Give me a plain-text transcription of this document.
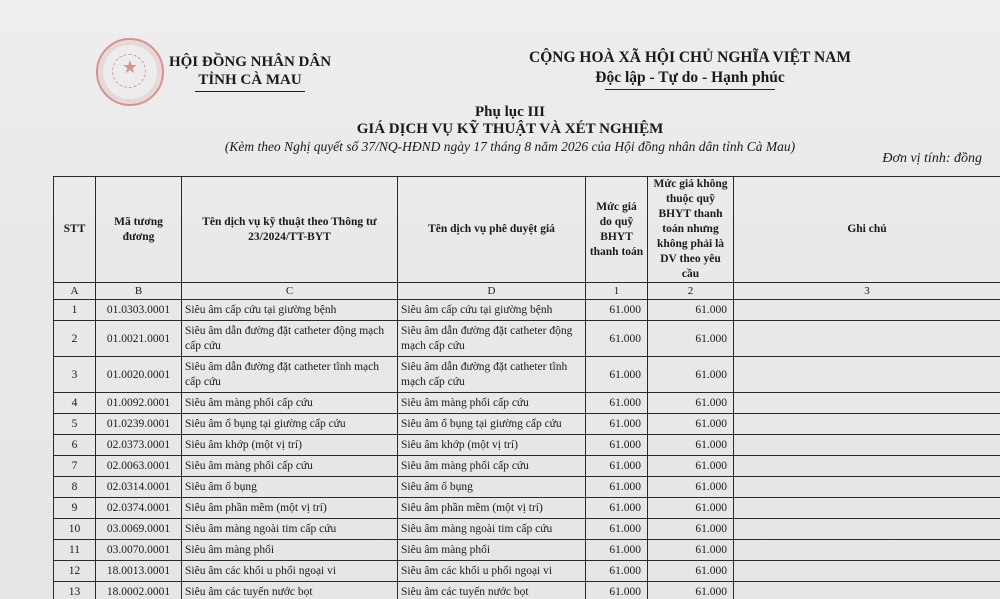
★	HỘI ĐỒNG NHÂN DÂN
TỈNH CÀ MAU
CỘNG HOÀ XÃ HỘI CHỦ NGHĨA VIỆT NAM
Độc lập - Tự do - Hạnh phúc
Phụ lục III
GIÁ DỊCH VỤ KỸ THUẬT VÀ XÉT NGHIỆM
(Kèm theo Nghị quyết số 37/NQ-HĐND ngày 17 tháng 8 năm 2026 của Hội đồng nhân dân tỉnh Cà Mau)
Đơn vị tính: đồng
STT	Mã tương đương	Tên dịch vụ kỹ thuật theo Thông tư 23/2024/TT-BYT	Tên dịch vụ phê duyệt giá	Mức giá do quỹ BHYT thanh toán	Mức giá không thuộc quỹ BHYT thanh toán nhưng không phải là DV theo yêu cầu	Ghi chú
A	B	C	D	1	2	3
1	01.0303.0001	Siêu âm cấp cứu tại giường bệnh	Siêu âm cấp cứu tại giường bệnh	61.000	61.000	
2	01.0021.0001	Siêu âm dẫn đường đặt catheter động mạch cấp cứu	Siêu âm dẫn đường đặt catheter động mạch cấp cứu	61.000	61.000	
3	01.0020.0001	Siêu âm dẫn đường đặt catheter tĩnh mạch cấp cứu	Siêu âm dẫn đường đặt catheter tĩnh mạch cấp cứu	61.000	61.000	
4	01.0092.0001	Siêu âm màng phổi cấp cứu	Siêu âm màng phổi cấp cứu	61.000	61.000	
5	01.0239.0001	Siêu âm ổ bụng tại giường cấp cứu	Siêu âm ổ bụng tại giường cấp cứu	61.000	61.000	
6	02.0373.0001	Siêu âm khớp (một vị trí)	Siêu âm khớp (một vị trí)	61.000	61.000	
7	02.0063.0001	Siêu âm màng phổi cấp cứu	Siêu âm màng phổi cấp cứu	61.000	61.000	
8	02.0314.0001	Siêu âm ổ bụng	Siêu âm ổ bụng	61.000	61.000	
9	02.0374.0001	Siêu âm phần mềm (một vị trí)	Siêu âm phần mềm (một vị trí)	61.000	61.000	
10	03.0069.0001	Siêu âm màng ngoài tim cấp cứu	Siêu âm màng ngoài tim cấp cứu	61.000	61.000	
11	03.0070.0001	Siêu âm màng phổi	Siêu âm màng phổi	61.000	61.000	
12	18.0013.0001	Siêu âm các khối u phổi ngoại vi	Siêu âm các khối u phổi ngoại vi	61.000	61.000	
13	18.0002.0001	Siêu âm các tuyến nước bọt	Siêu âm các tuyến nước bọt	61.000	61.000	
